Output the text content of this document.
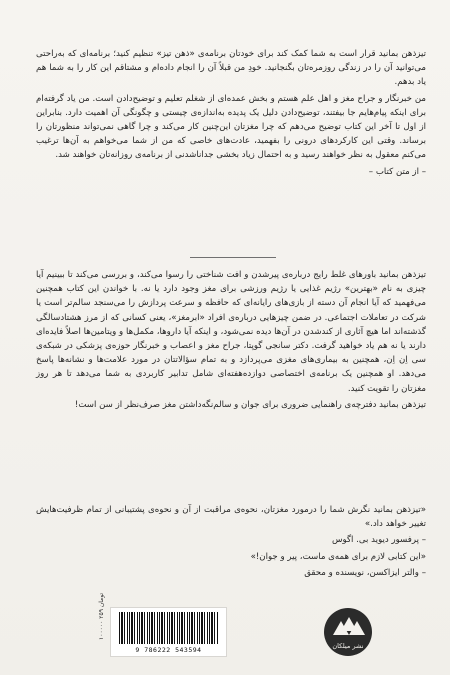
تیزذهن بمانید قرار است به شما کمک کند برای خودتان برنامه‌ی «ذهن تیز» تنظیم کنید؛ برنامه‌ای که به‌راحتی می‌توانید آن را در زندگی روزمره‌تان بگنجانید. خودِ من قبلاً آن را انجام داده‌ام و مشتاقم این کار را به شما هم یاد بدهم.

من خبرنگار و جراح مغز و اهل علم هستم و بخش عمده‌ای از شغلم تعلیم و توضیح‌دادن است. من یاد گرفته‌ام برای اینکه پیام‌هایم جا بیفتند، توضیح‌دادن دلیل یک پدیده به‌اندازه‌ی چیستی و چگونگی آن اهمیت دارد. بنابراین از اول تا آخر این کتاب توضیح می‌دهم که چرا مغزتان این‌چنین کار می‌کند و چرا گاهی نمی‌تواند منظورتان را برساند. وقتی این کارکردهای درونی را بفهمید، عادت‌های خاصی که من از شما می‌خواهم به آن‌ها ترغیب می‌کنم معقول به نظر خواهند رسید و به احتمال زیاد بخشی جداناشدنی از برنامه‌ی روزانه‌تان خواهند شد.

– از متن کتاب –

تیزذهن بمانید باورهای غلط رایج درباره‌ی پیرشدن و افت شناختی را رسوا می‌کند، و بررسی می‌کند تا ببینیم آیا چیزی به نام «بهترین» رژیم غذایی یا رژیم ورزشی برای مغز وجود دارد یا نه. با خواندن این کتاب همچنین می‌فهمید که آیا انجام آن دسته از بازی‌های رایانه‌ای که حافظه و سرعت پردازش را می‌سنجد سالم‌تر است یا شرکت در تعاملات اجتماعی. در ضمن چیزهایی درباره‌ی افراد «ابرمغز»، یعنی کسانی که از مرز هشتادسالگی گذشته‌اند اما هیچ آثاری از کندشدن در آن‌ها دیده نمی‌شود، و اینکه آیا داروها، مکمل‌ها و ویتامین‌ها اصلاً فایده‌ای دارند یا نه هم یاد خواهید گرفت. دکتر سانجی گوپتا، جراح مغز و اعصاب و خبرنگار حوزه‌ی پزشکی در شبکه‌ی سی اِن اِن، همچنین به بیماری‌های مغزی می‌پردازد و به تمام سؤالاتتان در مورد علامت‌ها و نشانه‌ها پاسخ می‌دهد. او همچنین یک برنامه‌ی اختصاصی دوازده‌هفته‌ای شامل تدابیر کاربردی به شما می‌دهد تا هر روز مغزتان را تقویت کنید.

تیزذهن بمانید دفترچه‌ی راهنمایی ضروری برای جوان و سالم‌نگه‌داشتن مغز صرف‌نظر از سن است!

«تیزذهن بمانید نگرش شما را درمورد مغزتان، نحوه‌ی مراقبت از آن و نحوه‌ی پشتیبانی از تمام ظرفیت‌هایش تغییر خواهد داد.»

– پرفسور دیوید بی. اگوس

«این کتابی لازم برای همه‌ی ماست، پیر و جوان!»

– والتر ایزاکسن، نویسنده و محقق

۱۰۰۰۰۰ ۲۵۹ تومان
9 786222 543594	نشر میلکان
